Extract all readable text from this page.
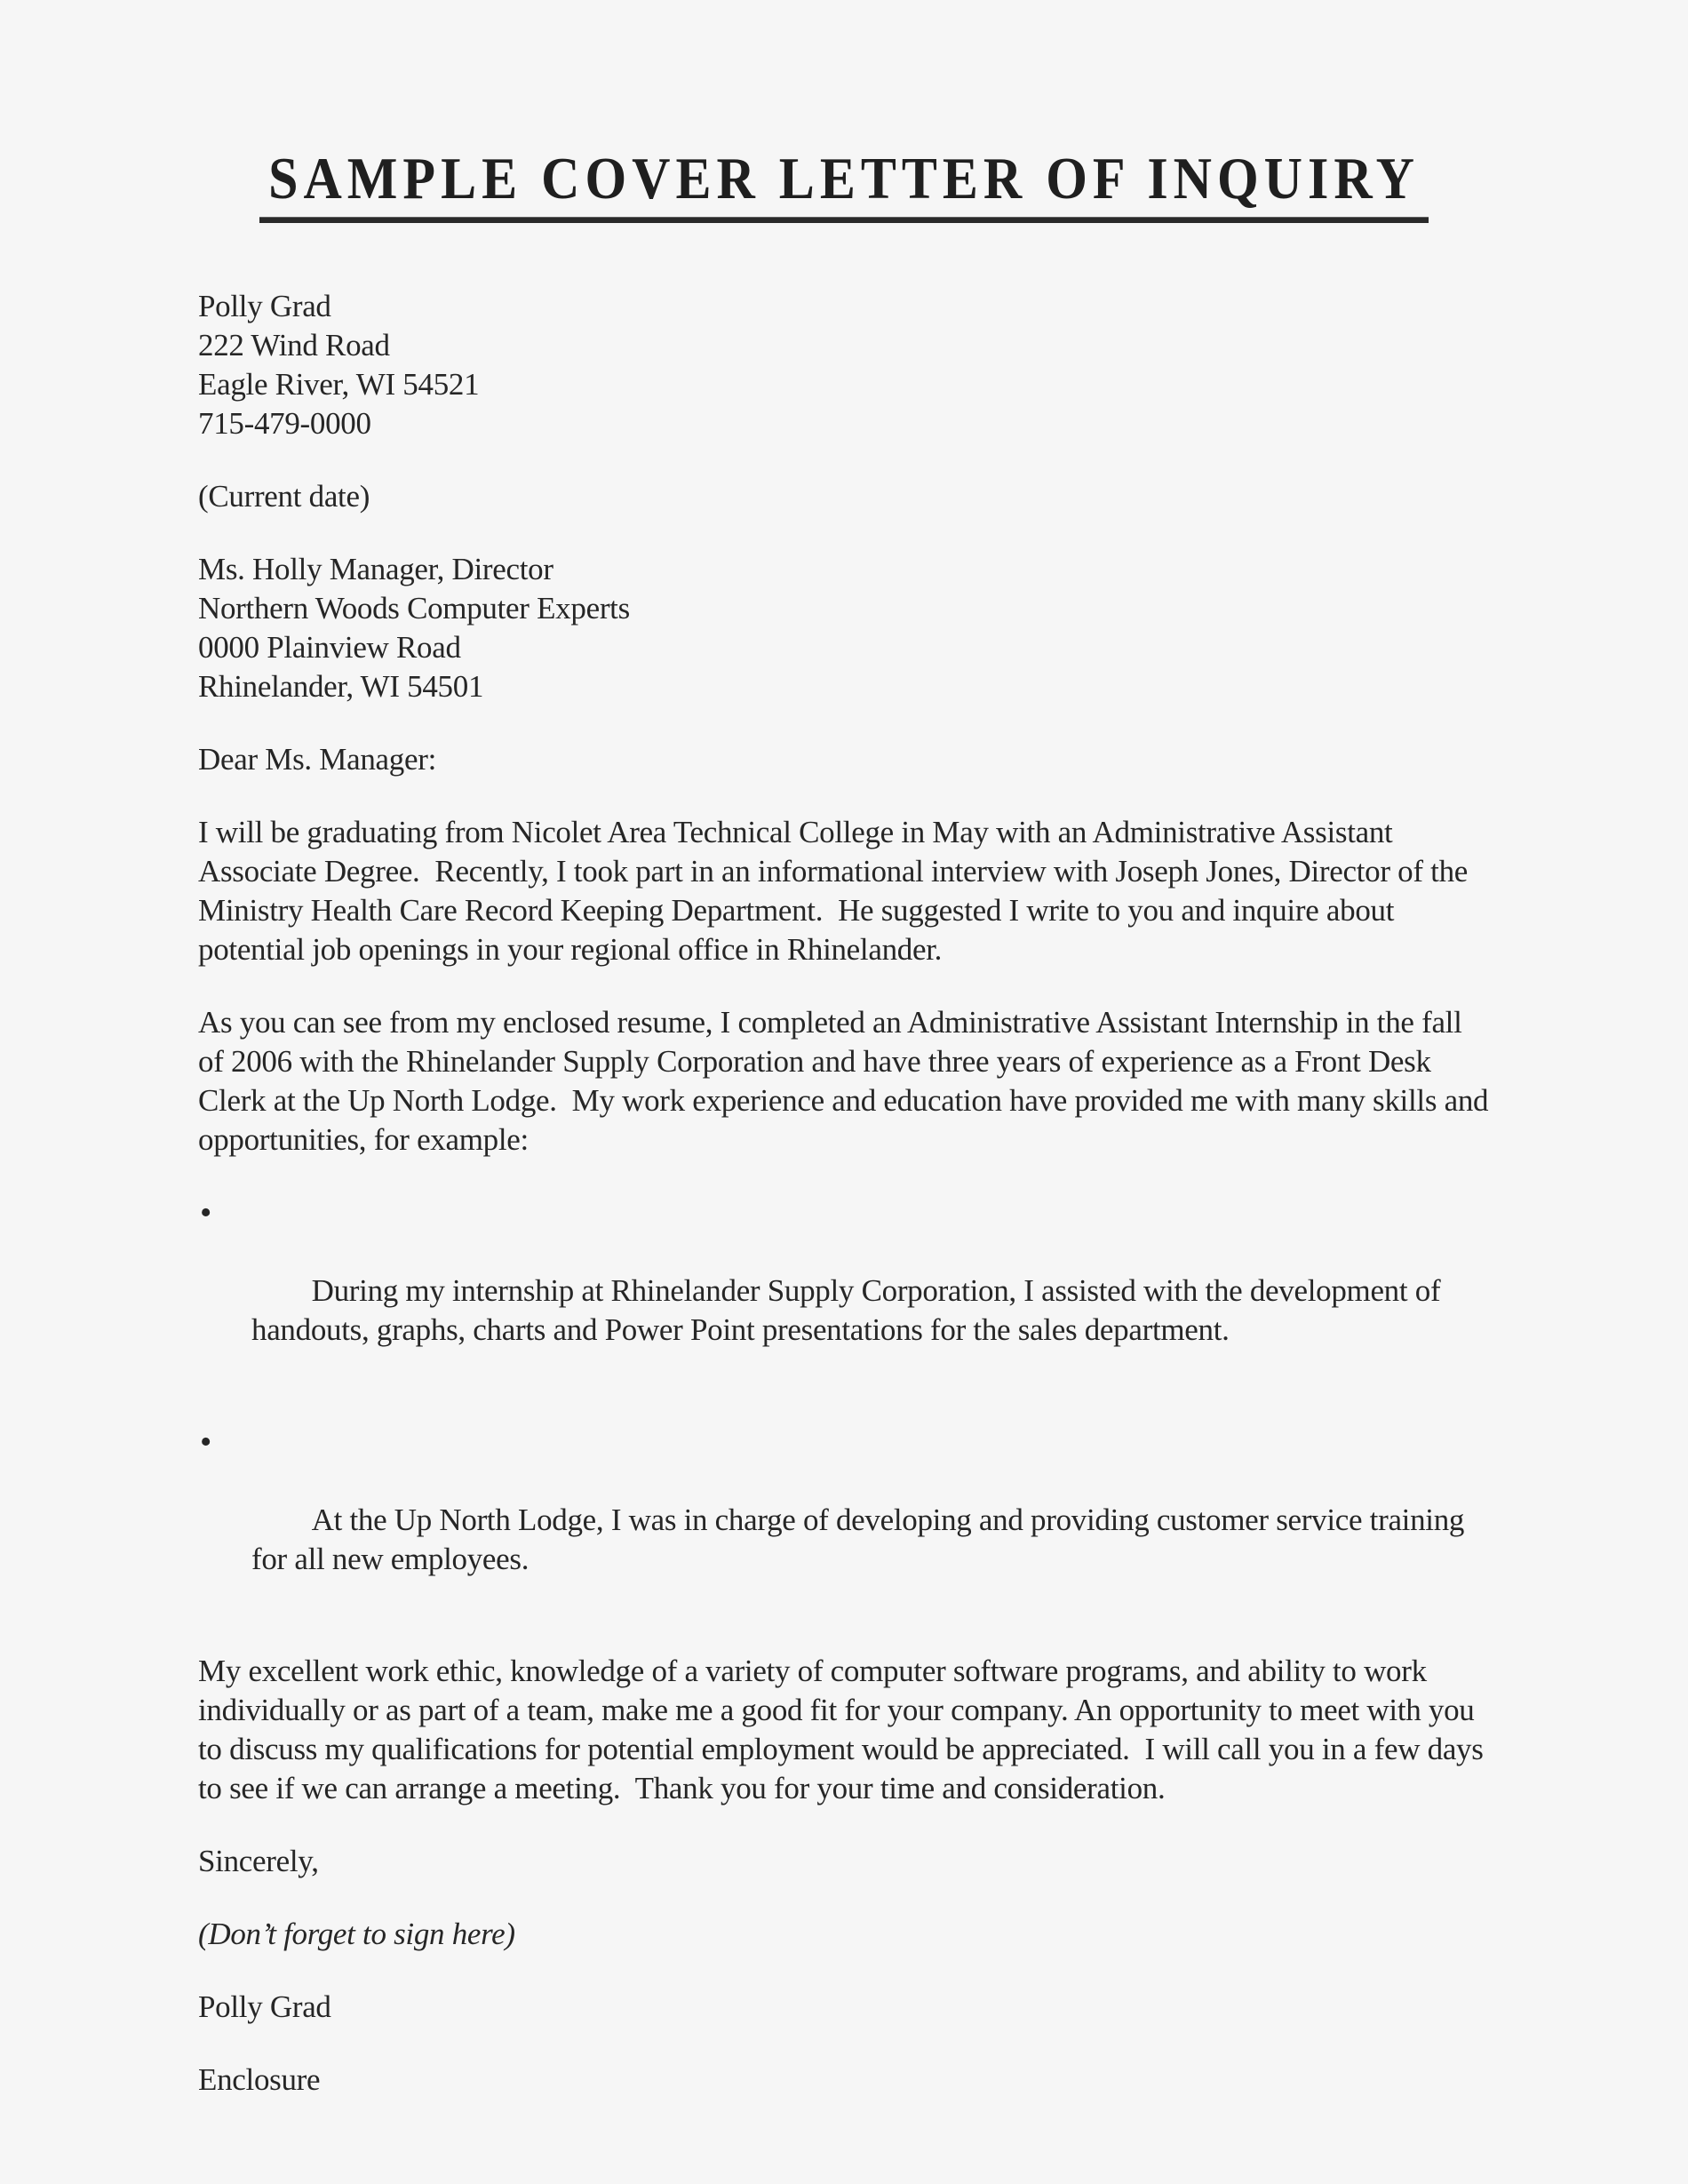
SAMPLE COVER LETTER OF INQUIRY
Polly Grad
222 Wind Road
Eagle River, WI 54521
715-479-0000
(Current date)
Ms. Holly Manager, Director
Northern Woods Computer Experts
0000 Plainview Road
Rhinelander, WI 54501
Dear Ms. Manager:

I will be graduating from Nicolet Area Technical College in May with an Administrative Assistant Associate Degree.  Recently, I took part in an informational interview with Joseph Jones, Director of the Ministry Health Care Record Keeping Department.  He suggested I write to you and inquire about potential job openings in your regional office in Rhinelander.

As you can see from my enclosed resume, I completed an Administrative Assistant Internship in the fall of 2006 with the Rhinelander Supply Corporation and have three years of experience as a Front Desk Clerk at the Up North Lodge.  My work experience and education have provided me with many skills and opportunities, for example:

•

During my internship at Rhinelander Supply Corporation, I assisted with the development of handouts, graphs, charts and Power Point presentations for the sales department.

•

At the Up North Lodge, I was in charge of developing and providing customer service training for all new employees.

My excellent work ethic, knowledge of a variety of computer software programs, and ability to work individually or as part of a team, make me a good fit for your company. An opportunity to meet with you to discuss my qualifications for potential employment would be appreciated.  I will call you in a few days to see if we can arrange a meeting.  Thank you for your time and consideration.

Sincerely,
(Don’t forget to sign here)
Polly Grad
Enclosure
